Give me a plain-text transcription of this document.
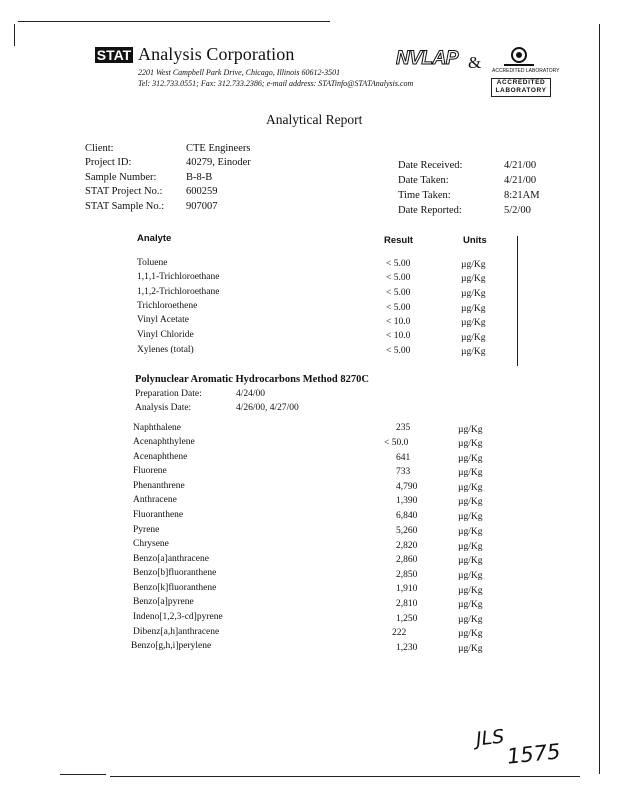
STAT Analysis Corporation
2201 West Campbell Park Drive, Chicago, Illinois 60612-3501
Tel: 312.733.0551; Fax: 312.733.2386; e-mail address: STATinfo@STATAnalysis.com
NVLAP & ACCREDITED LABORATORY
ACCREDITED
LABORATORY
Analytical Report
Client:	CTE Engineers
Project ID:	40279, Einoder
Sample Number:	B-8-B
STAT Project No.: 600259
STAT Sample No.: 907007
Date Received:	4/21/00
Date Taken:	4/21/00
Time Taken:	8:21AM
Date Reported:	5/2/00
Analyte	Result	Units
Toluene	< 5.00	µg/Kg
1,1,1-Trichloroethane	< 5.00	µg/Kg
1,1,2-Trichloroethane	< 5.00	µg/Kg
Trichloroethene	< 5.00	µg/Kg
Vinyl Acetate	< 10.0	µg/Kg
Vinyl Chloride	< 10.0	µg/Kg
Xylenes (total)	< 5.00	µg/Kg
Polynuclear Aromatic Hydrocarbons Method 8270C
Preparation Date:	4/24/00
Analysis Date:	4/26/00, 4/27/00
Naphthalene	235	µg/Kg
Acenaphthylene	< 50.0	µg/Kg
Acenaphthene	641	µg/Kg
Fluorene	733	µg/Kg
Phenanthrene	4,790	µg/Kg
Anthracene	1,390	µg/Kg
Fluoranthene	6,840	µg/Kg
Pyrene	5,260	µg/Kg
Chrysene	2,820	µg/Kg
Benzo[a]anthracene	2,860	µg/Kg
Benzo[b]fluoranthene	2,850	µg/Kg
Benzo[k]fluoranthene	1,910	µg/Kg
Benzo[a]pyrene	2,810	µg/Kg
Indeno[1,2,3-cd]pyrene	1,250	µg/Kg
Dibenz[a,h]anthracene	222	µg/Kg
Benzo[g,h,i]perylene	1,230	µg/Kg
JLS
1575
